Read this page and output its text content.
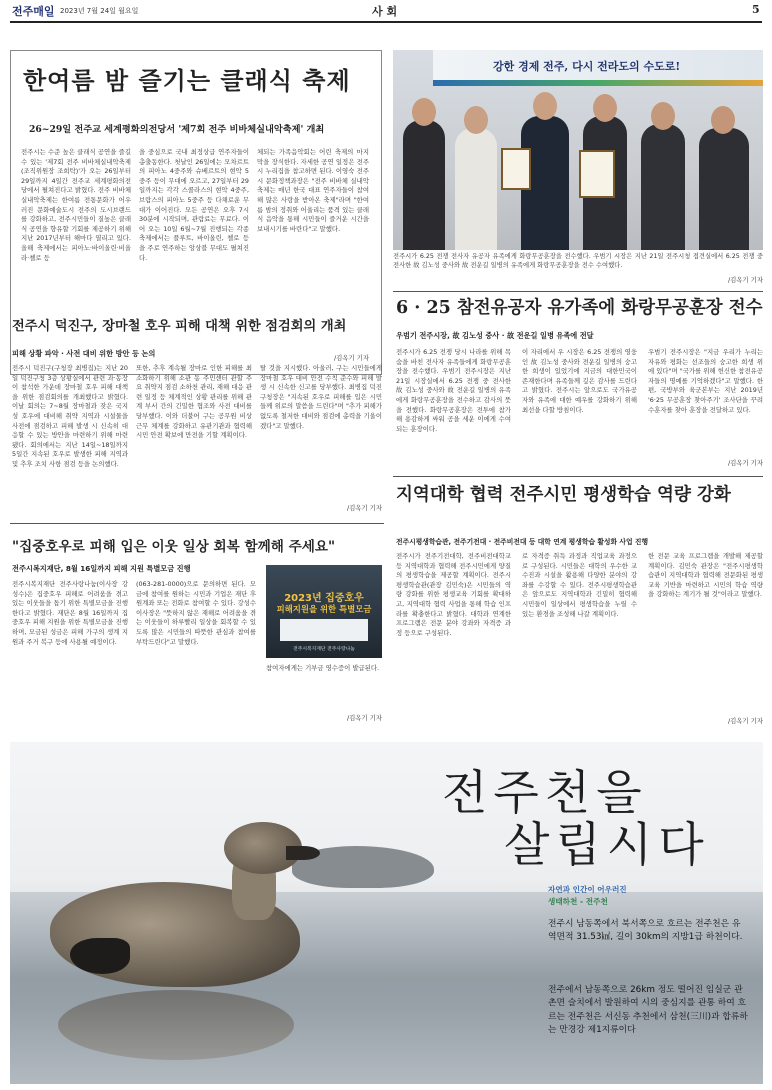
전주매일 2023년 7월 24일 월요일	사 회	5
한여름 밤 즐기는 클래식 축제
26~29일 전주교 세계평화의전당서 '제7회 전주 비바체실내악축제' 개최
전주시는 수준 높은 클래식 공연을 즐길 수 있는 '제7회 전주 비바체실내악축제(조직위원장 조희탁)'가 오는 26일부터 29일까지 4일간 전주교 세계평화의전당에서 펼쳐진다고 밝혔다. 전주 비바체실내악축제는 한여름 전통문화가 어우러진 문화예술도시 전주의 도시브랜드를 강화하고, 전주시민들이 질높은 클래식 공연을 향유할 기회를 제공하기 위해 지난 2017년부터 해마다 열리고 있다. 올해 축제에서는 피아노·바이올린·비올라·첼로 등
을 중심으로 국내 최정상급 연주자들이 총출동한다. 첫날인 26일에는 모차르트의 피아노 4중주와 슈베르트의 현악 5중주 등이 무대에 오르고, 27일부터 29일까지는 각각 스콜라스의 현악 4중주, 브람스의 피아노 5중주 등 다채로운 무대가 이어진다. 모든 공연은 오후 7시 30분에 시작되며, 관람료는 무료다. 이어 오는 10일 6월~7월 진행되는 각종 축제에서는 플루트, 바이올린, 첼로 등을 주로 연주하는 앙상블 무대도 펼쳐진다.
체되는 가족음악회는 어린 축제의 마지막을 장식한다. 자세한 공연 일정은 전주시 누리집을 참고하면 된다. 이영숙 전주시 문화정책과장은 "전주 비바체 실내악 축제는 매년 한국 대표 연주자들이 참여해 많은 사랑을 받아온 축제"라며 "한여름 밤의 정취와 어울리는 품격 있는 클래식 음악을 통해 시민들이 즐거운 시간을 보내시기를 바란다"고 말했다.
/김옥기 기자
강한 경제 전주, 다시 전라도의 수도로!
전주시가 6.25 전쟁 전사자 유공자 유족에게 화랑무공훈장을 전수했다. 우범기 시장은 지난 21일 전주시청 접견실에서 6.25 전쟁 중 전사한 故 김노성 중사와 故 전운길 일병의 유족에게 화랑무공훈장을 전수 수여했다.
/김옥기 기자
6 · 25 참전유공자 유가족에 화랑무공훈장 전수
우범기 전주시장, 故 김노성 중사 · 故 전운길 일병 유족에 전달
전주시가 6.25 전쟁 당시 나라를 위해 목숨을 바친 전사자 유족들에게 화랑무공훈장을 전수했다. 우범기 전주시장은 지난 21일 시장실에서 6.25 전쟁 중 전사한 故 김노성 중사와 故 전운길 일병의 유족에게 화랑무공훈장을 전수하고 감사의 뜻을 전했다. 화랑무공훈장은 전투에 참가해 용감하게 싸워 공을 세운 이에게 수여되는 훈장이다.
이 자리에서 우 시장은 6.25 전쟁의 영웅인 故 김노성 중사와 전운길 일병의 숭고한 희생이 있었기에 지금의 대한민국이 존재한다며 유족들께 깊은 감사를 드린다고 밝혔다. 전주시는 앞으로도 국가유공자와 유족에 대한 예우를 강화하기 위해 최선을 다할 방침이다.
우범기 전주시장은 "지금 우리가 누리는 자유와 평화는 선조들의 숭고한 희생 위에 있다"며 "국가를 위해 헌신한 참전유공자들의 명예를 기억하겠다"고 말했다. 한편, 국방부와 육군본부는 지난 2019년 '6·25 무공훈장 찾아주기' 조사단을 꾸려 수훈자를 찾아 훈장을 전달하고 있다.
/김옥기 기자
전주시 덕진구, 장마철 호우 피해 대책 위한 점검회의 개최
피해 상황 파악 · 사전 대비 위한 방안 등 논의
전주시 덕진구(구청장 최병집)는 지난 20일 덕진구청 3층 상황실에서 관련 과·동장이 참석한 가운데 장마철 호우 피해 대책을 위한 점검회의를 개최했다고 밝혔다. 이날 회의는 7~8월 장마철과 잦은 국지성 호우에 대비해 취약 지역과 시설물을 사전에 점검하고 피해 발생 시 신속히 대응할 수 있는 방안을 마련하기 위해 마련됐다. 회의에서는 지난 14일~18일까지 5일간 지속된 호우로 발생한 피해 지역과 및 추후 조치 사항 점검 등을 논의했다.
또한, 추후 계속될 장마로 인한 피해를 최소화하기 위해 소관 동 주민센터 관할 주요 취약지 점검 소하천 관리, 재해 대응 관련 일정 등 체계적인 상황 관리를 위해 관계 부서 간의 긴밀한 협조와 사전 대비를 당부했다. 이와 더불어 구는 공무원 비상근무 체계를 강화하고 유관기관과 협력해 시민 안전 확보에 만전을 기할 계획이다.
탈 것을 지시했다. 아울러, 구는 시민들에게 장마철 호우 대비 안전 수칙 준수와 피해 발생 시 신속한 신고를 당부했다. 최병집 덕진구청장은 "지속된 호우로 피해를 입은 시민들께 위로의 말씀을 드린다"며 "추가 피해가 없도록 철저한 대비와 점검에 총력을 기울이겠다"고 말했다.
/김옥기 기자
지역대학 협력 전주시민 평생학습 역량 강화
전주시평생학습관, 전주기전대 · 전주비전대 등 대학 연계 평생학습 활성화 사업 진행
전주시가 전주기전대학, 전주비전대학교 등 지역대학과 협력해 전주시민에게 양질의 평생학습을 제공할 계획이다. 전주시평생학습관(관장 김민숙)은 시민들의 역량 강화를 위한 평생교육 기회를 확대하고, 지역대학 협력 사업을 통해 학습 인프라를 확충한다고 밝혔다. 대학과 연계한 프로그램은 전문 분야 강좌와 자격증 과정 등으로 구성된다.
로 자격증 취득 과정과 직업교육 과정으로 구성된다. 시민들은 대학의 우수한 교수진과 시설을 활용해 다양한 분야의 강좌를 수강할 수 있다. 전주시평생학습관은 앞으로도 지역대학과 긴밀히 협력해 시민들이 일상에서 평생학습을 누릴 수 있는 환경을 조성해 나갈 계획이다.
한 전문 교육 프로그램을 개발해 제공할 계획이다. 김민숙 관장은 "전주시평생학습관이 지역대학과 협력해 전문화된 평생교육 기반을 마련하고 시민의 학습 역량을 강화하는 계기가 될 것"이라고 말했다.
/김옥기 기자
"집중호우로 피해 입은 이웃 일상 회복 함께해 주세요"
전주시복지재단, 8월 16일까지 피해 지원 특별모금 진행
전주시복지재단 전주사랑나눔(이사장 강성수)은 집중호우 피해로 어려움을 겪고 있는 이웃들을 돕기 위한 특별모금을 진행한다고 밝혔다. 재단은 8월 16일까지 집중호우 피해 지원을 위한 특별모금을 진행하며, 모금된 성금은 피해 가구의 생계 지원과 주거 복구 등에 사용될 예정이다.
(063-281-0000)으로 문의하면 된다. 모금에 참여를 원하는 시민과 기업은 재단 후원계좌 또는 전화로 참여할 수 있다. 강성수 이사장은 "뜻하지 않은 재해로 어려움을 겪는 이웃들이 하루빨리 일상을 회복할 수 있도록 많은 시민들의 따뜻한 관심과 참여를 부탁드린다"고 말했다.
2023년 집중호우
피해지원을 위한 특별모금
전주시복지재단 전주사랑나눔
참여자에게는 기부금 영수증이 발급된다.
/김옥기 기자
전주천을
살립시다
자연과 인간이 어우러진
생태하천 - 전주천
전주시 남동쪽에서 북서쪽으로 흐르는 전주천은 유역면적 31.53㎢, 길이 30km의 지방1급 하천이다.
전주에서 남동쪽으로 26km 정도 떨어진 임실군 관촌면 슬치에서 발원하여 시의 중심지를 관통 하여 흐르는 전주천은 서신동 추천에서 삼천(三川)과 합류하는 만경강 제1지류이다
